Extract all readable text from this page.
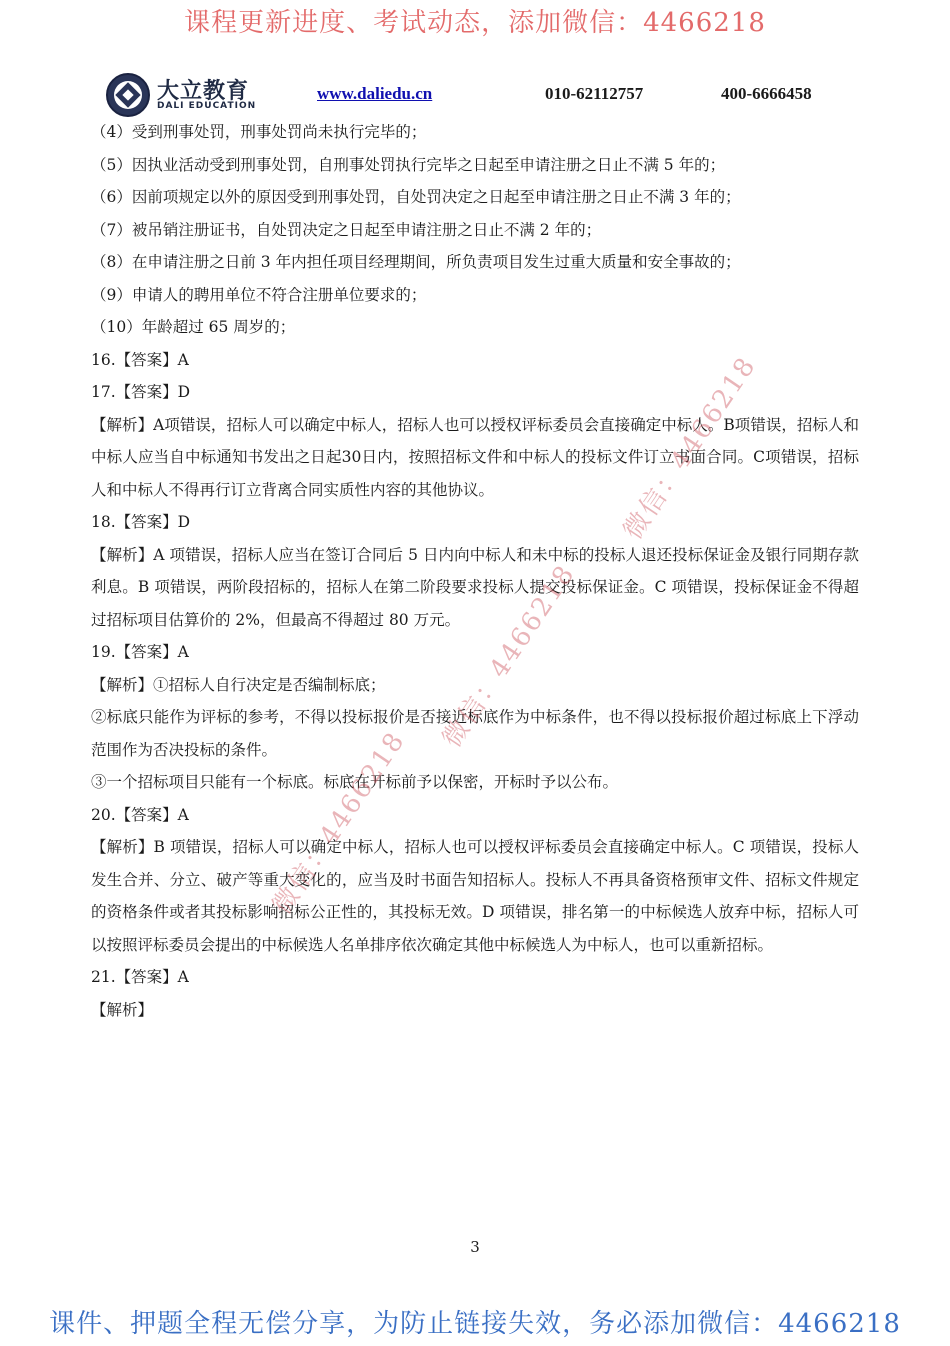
课程更新进度、考试动态，添加微信：4466218
大立教育
DALI EDUCATION
www.daliedu.cn	010-62112757	400-6666458

（4）受到刑事处罚，刑事处罚尚未执行完毕的；

（5）因执业活动受到刑事处罚，自刑事处罚执行完毕之日起至申请注册之日止不满 5 年的；

（6）因前项规定以外的原因受到刑事处罚，自处罚决定之日起至申请注册之日止不满 3 年的；

（7）被吊销注册证书，自处罚决定之日起至申请注册之日止不满 2 年的；

（8）在申请注册之日前 3 年内担任项目经理期间，所负责项目发生过重大质量和安全事故的；

（9）申请人的聘用单位不符合注册单位要求的；

（10）年龄超过 65 周岁的；

16.【答案】A

17.【答案】D

【解析】A项错误，招标人可以确定中标人，招标人也可以授权评标委员会直接确定中标人。B项错误，招标人和中标人应当自中标通知书发出之日起30日内，按照招标文件和中标人的投标文件订立书面合同。C项错误，招标人和中标人不得再行订立背离合同实质性内容的其他协议。

18.【答案】D

【解析】A 项错误，招标人应当在签订合同后 5 日内向中标人和未中标的投标人退还投标保证金及银行同期存款利息。B 项错误，两阶段招标的，招标人在第二阶段要求投标人提交投标保证金。C 项错误，投标保证金不得超过招标项目估算价的 2%，但最高不得超过 80 万元。

19.【答案】A

【解析】①招标人自行决定是否编制标底；

②标底只能作为评标的参考，不得以投标报价是否接近标底作为中标条件，也不得以投标报价超过标底上下浮动范围作为否决投标的条件。

③一个招标项目只能有一个标底。标底在开标前予以保密，开标时予以公布。

20.【答案】A

【解析】B 项错误，招标人可以确定中标人，招标人也可以授权评标委员会直接确定中标人。C 项错误，投标人发生合并、分立、破产等重大变化的，应当及时书面告知招标人。投标人不再具备资格预审文件、招标文件规定的资格条件或者其投标影响招标公正性的，其投标无效。D 项错误，排名第一的中标候选人放弃中标，招标人可以按照评标委员会提出的中标候选人名单排序依次确定其他中标候选人为中标人，也可以重新招标。

21.【答案】A

【解析】

微信：4466218
微信：4466218
微信：4466218
3
课件、押题全程无偿分享，为防止链接失效，务必添加微信：4466218
